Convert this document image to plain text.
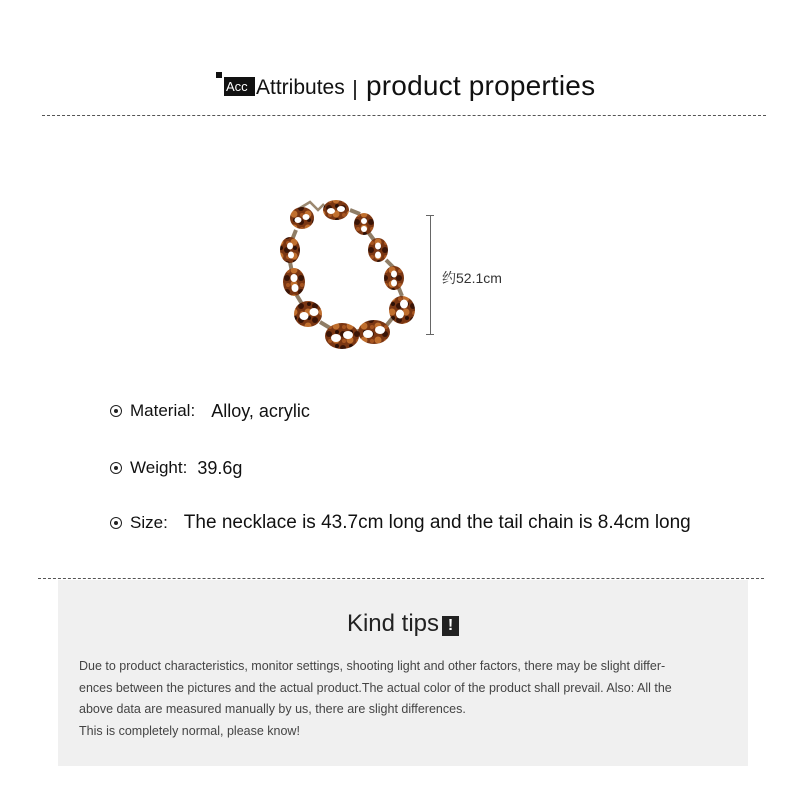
Acc Attributes product properties
约52.1cm
Material: Alloy, acrylic
Weight: 39.6g
Size: The necklace is 43.7cm long and the tail chain is 8.4cm long
Kind tips !
Due to product characteristics, monitor settings, shooting light and other factors, there may be slight differ-
ences between the pictures and the actual product.The actual color of the product shall prevail. Also: All the
above data are measured manually by us, there are slight differences.
This is completely normal, please know!
